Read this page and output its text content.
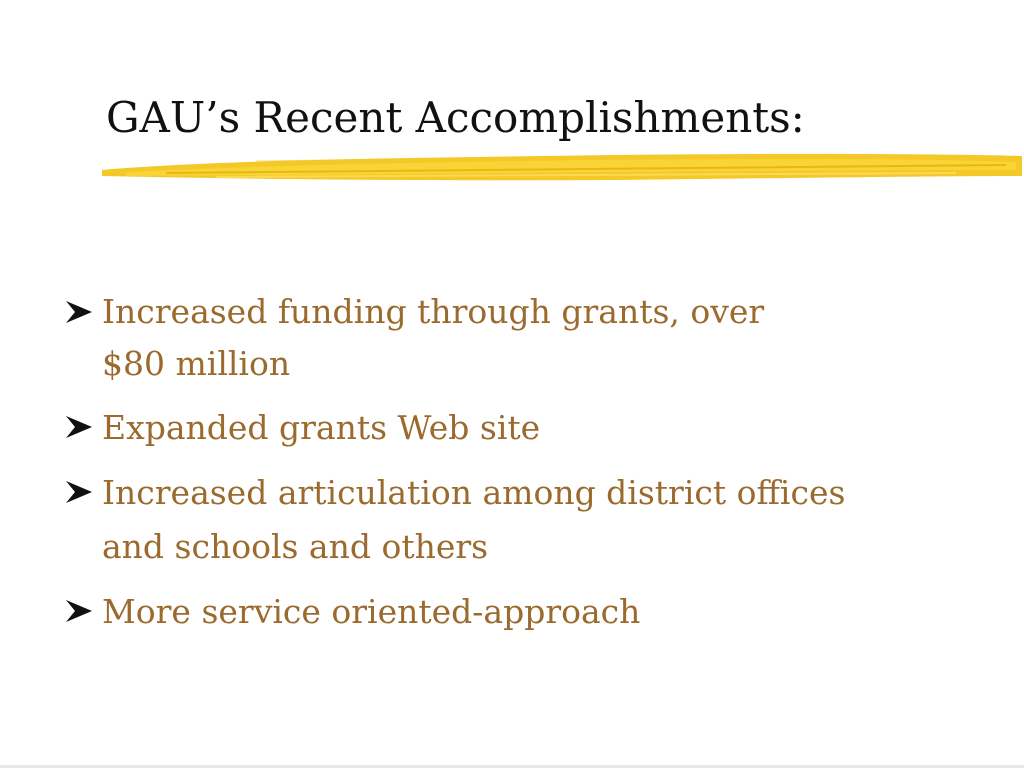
GAU’s Recent Accomplishments:
Increased funding through grants, over
$80 million
Expanded grants Web site
Increased articulation among district offices
and schools and others
More service oriented-approach
